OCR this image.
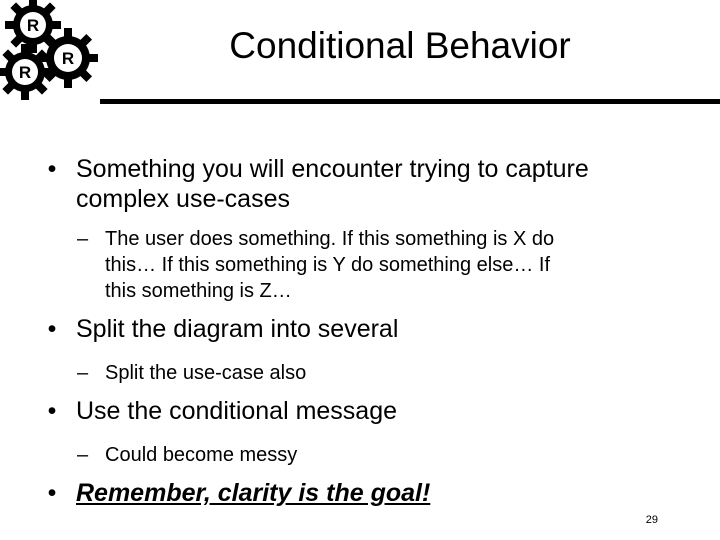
R
R
R	Conditional Behavior

• Something you will encounter trying to capture
complex use-cases

– The user does something. If this something is X do
this… If this something is Y do something else… If
this something is Z…

• Split the diagram into several

– Split the use-case also

• Use the conditional message

– Could become messy

• Remember, clarity is the goal!

29
